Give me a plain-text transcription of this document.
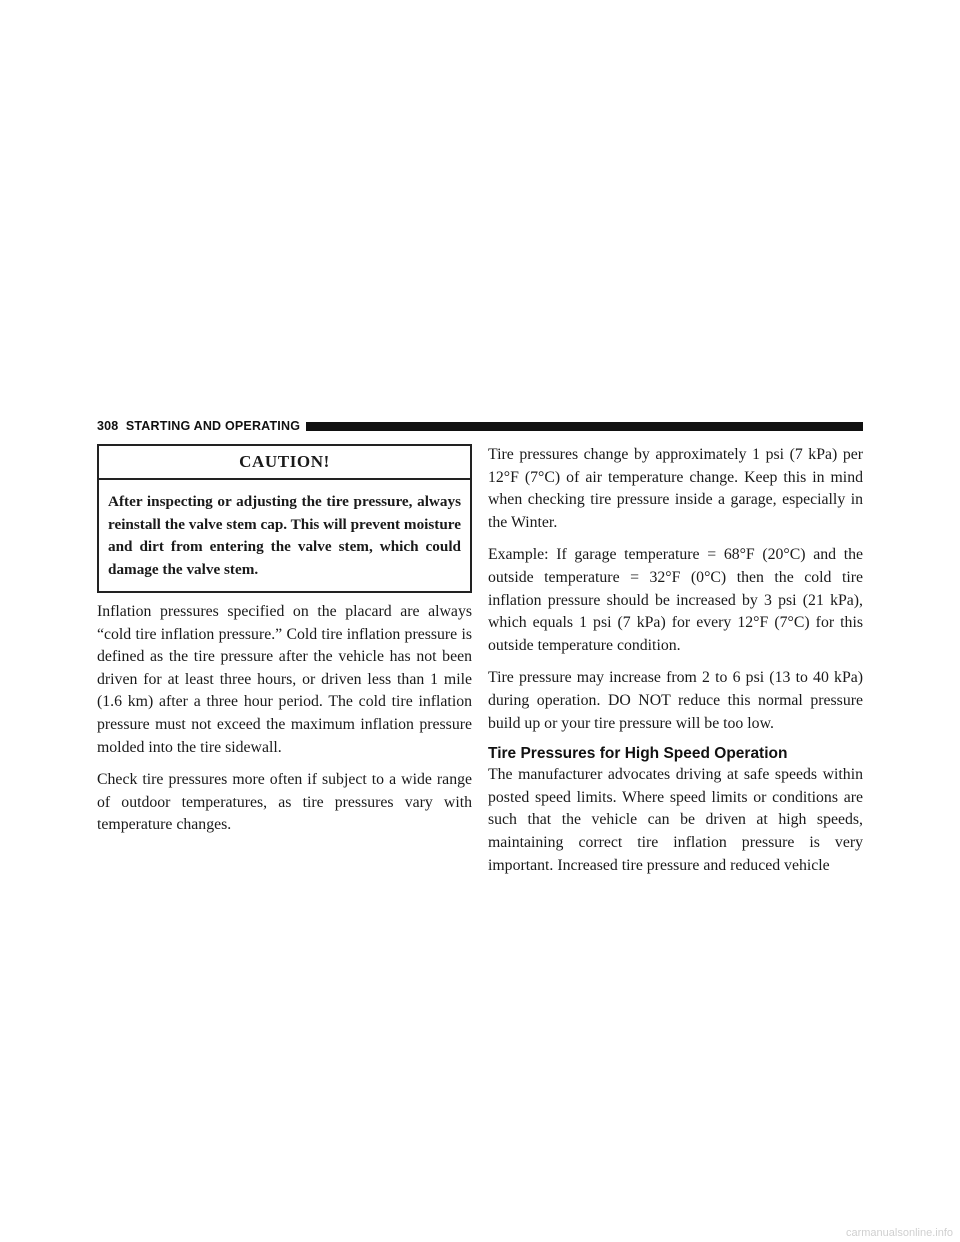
308 STARTING AND OPERATING
CAUTION!

After inspecting or adjusting the tire pressure, always reinstall the valve stem cap. This will prevent moisture and dirt from entering the valve stem, which could damage the valve stem.

Inflation pressures specified on the placard are always “cold tire inflation pressure.” Cold tire inflation pressure is defined as the tire pressure after the vehicle has not been driven for at least three hours, or driven less than 1 mile (1.6 km) after a three hour period. The cold tire inflation pressure must not exceed the maximum inflation pressure molded into the tire sidewall.

Check tire pressures more often if subject to a wide range of outdoor temperatures, as tire pressures vary with temperature changes.

Tire pressures change by approximately 1 psi (7 kPa) per 12°F (7°C) of air temperature change. Keep this in mind when checking tire pressure inside a garage, especially in the Winter.

Example: If garage temperature = 68°F (20°C) and the outside temperature = 32°F (0°C) then the cold tire inflation pressure should be increased by 3 psi (21 kPa), which equals 1 psi (7 kPa) for every 12°F (7°C) for this outside temperature condition.

Tire pressure may increase from 2 to 6 psi (13 to 40 kPa) during operation. DO NOT reduce this normal pressure build up or your tire pressure will be too low.

Tire Pressures for High Speed Operation

The manufacturer advocates driving at safe speeds within posted speed limits. Where speed limits or conditions are such that the vehicle can be driven at high speeds, maintaining correct tire inflation pressure is very important. Increased tire pressure and reduced vehicle

carmanualsonline.info
